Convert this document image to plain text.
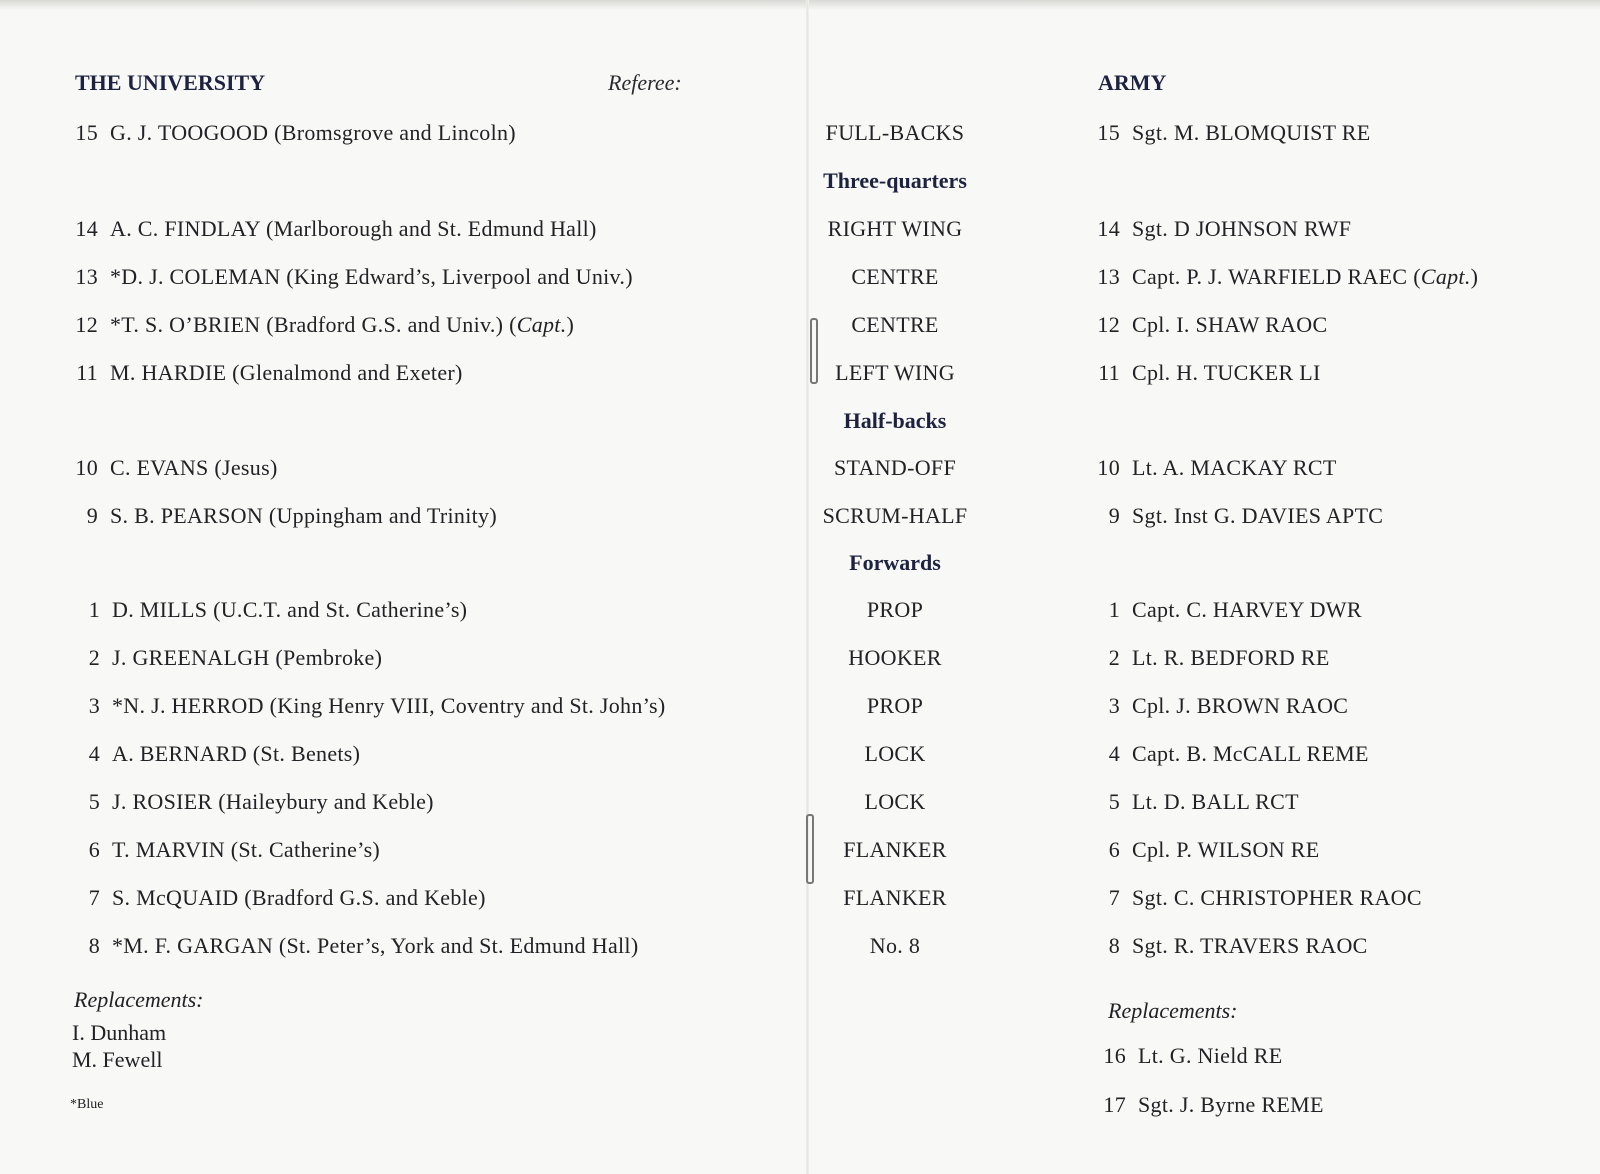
THE UNIVERSITY	Referee:
15 G. J. TOOGOOD (Bromsgrove and Lincoln)
14 A. C. FINDLAY (Marlborough and St. Edmund Hall)
13 *D. J. COLEMAN (King Edward’s, Liverpool and Univ.)
12 *T. S. O’BRIEN (Bradford G.S. and Univ.) (Capt.)
11 M. HARDIE (Glenalmond and Exeter)
10 C. EVANS (Jesus)
9 S. B. PEARSON (Uppingham and Trinity)
1 D. MILLS (U.C.T. and St. Catherine’s)
2 J. GREENALGH (Pembroke)
3 *N. J. HERROD (King Henry VIII, Coventry and St. John’s)
4 A. BERNARD (St. Benets)
5 J. ROSIER (Haileybury and Keble)
6 T. MARVIN (St. Catherine’s)
7 S. McQUAID (Bradford G.S. and Keble)
8 *M. F. GARGAN (St. Peter’s, York and St. Edmund Hall)
Replacements:
I. Dunham
M. Fewell
*Blue
FULL-BACKS
Three-quarters
RIGHT WING
CENTRE
CENTRE
LEFT WING
Half-backs
STAND-OFF
SCRUM-HALF
Forwards
PROP
HOOKER
PROP
LOCK
LOCK
FLANKER
FLANKER
No. 8
ARMY
15 Sgt. M. BLOMQUIST RE
14 Sgt. D JOHNSON RWF
13 Capt. P. J. WARFIELD RAEC (Capt.)
12 Cpl. I. SHAW RAOC
11 Cpl. H. TUCKER LI
10 Lt. A. MACKAY RCT
9 Sgt. Inst G. DAVIES APTC
1 Capt. C. HARVEY DWR
2 Lt. R. BEDFORD RE
3 Cpl. J. BROWN RAOC
4 Capt. B. McCALL REME
5 Lt. D. BALL RCT
6 Cpl. P. WILSON RE
7 Sgt. C. CHRISTOPHER RAOC
8 Sgt. R. TRAVERS RAOC
Replacements:
16 Lt. G. Nield RE
17 Sgt. J. Byrne REME
